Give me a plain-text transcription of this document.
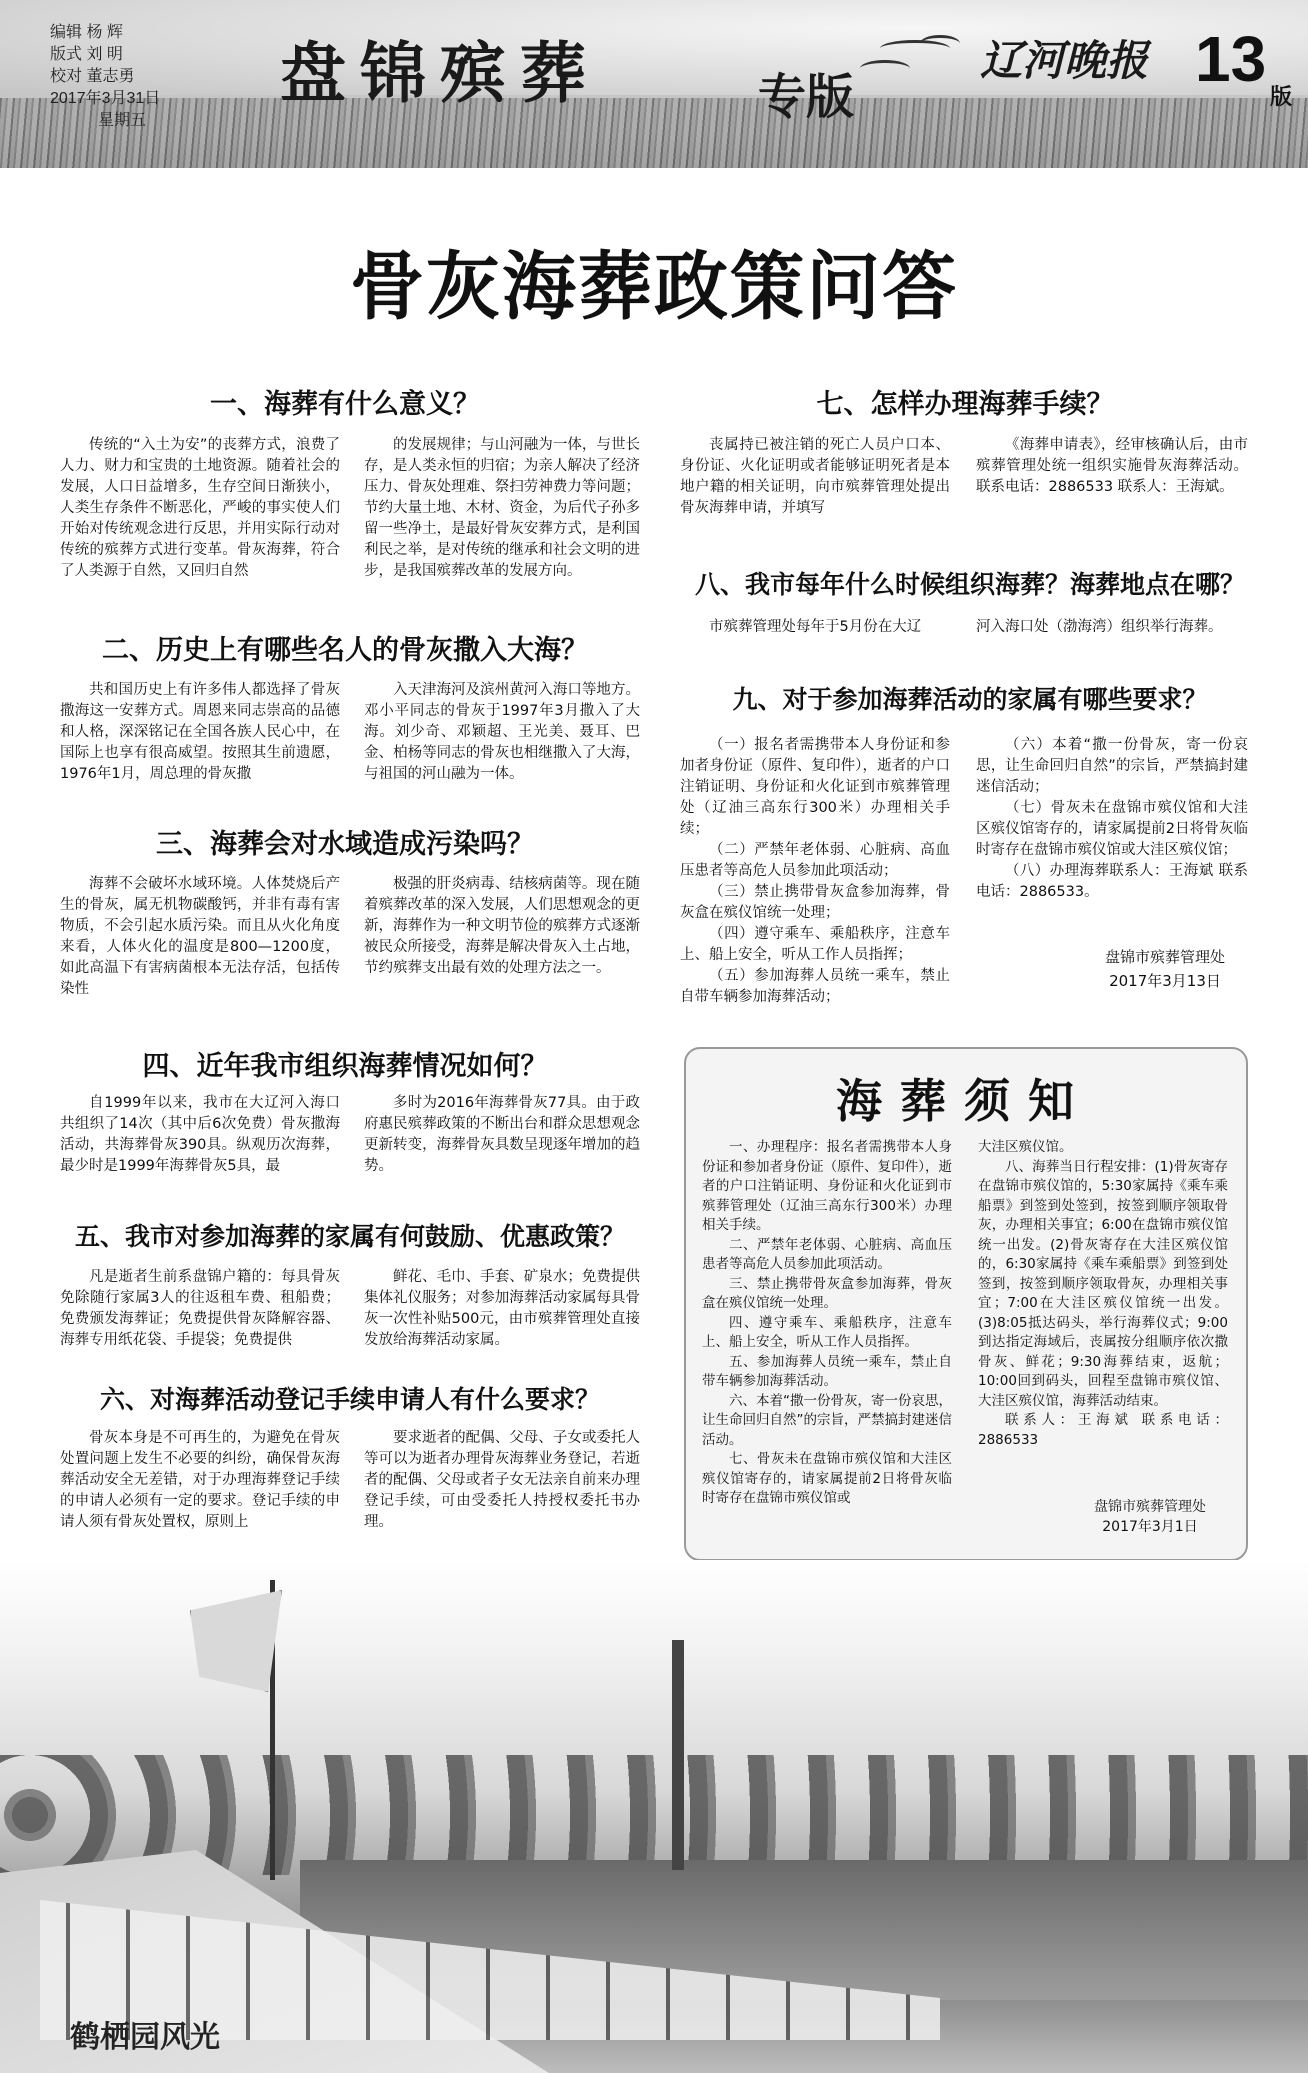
编辑 杨 辉
版式 刘 明
校对 董志勇
2017年3月31日
星期五
盘锦殡葬	专版
辽河晚报 13
版
骨灰海葬政策问答
一、海葬有什么意义？

传统的“入土为安”的丧葬方式，浪费了人力、财力和宝贵的土地资源。随着社会的发展，人口日益增多，生存空间日渐狭小，人类生存条件不断恶化，严峻的事实使人们开始对传统观念进行反思，并用实际行动对传统的殡葬方式进行变革。骨灰海葬，符合了人类源于自然，又回归自然

的发展规律；与山河融为一体，与世长存，是人类永恒的归宿；为亲人解决了经济压力、骨灰处理难、祭扫劳神费力等问题；节约大量土地、木材、资金，为后代子孙多留一些净土，是最好骨灰安葬方式，是利国利民之举，是对传统的继承和社会文明的进步，是我国殡葬改革的发展方向。

二、历史上有哪些名人的骨灰撒入大海？

共和国历史上有许多伟人都选择了骨灰撒海这一安葬方式。周恩来同志崇高的品德和人格，深深铭记在全国各族人民心中，在国际上也享有很高威望。按照其生前遗愿，1976年1月，周总理的骨灰撒

入天津海河及滨州黄河入海口等地方。邓小平同志的骨灰于1997年3月撒入了大海。刘少奇、邓颖超、王光美、聂耳、巴金、柏杨等同志的骨灰也相继撒入了大海，与祖国的河山融为一体。

三、海葬会对水域造成污染吗？

海葬不会破坏水域环境。人体焚烧后产生的骨灰，属无机物碳酸钙，并非有毒有害物质，不会引起水质污染。而且从火化角度来看，人体火化的温度是800—1200度，如此高温下有害病菌根本无法存活，包括传染性

极强的肝炎病毒、结核病菌等。现在随着殡葬改革的深入发展，人们思想观念的更新，海葬作为一种文明节俭的殡葬方式逐渐被民众所接受，海葬是解决骨灰入土占地，节约殡葬支出最有效的处理方法之一。

四、近年我市组织海葬情况如何？

自1999年以来，我市在大辽河入海口共组织了14次（其中后6次免费）骨灰撒海活动，共海葬骨灰390具。纵观历次海葬，最少时是1999年海葬骨灰5具，最

多时为2016年海葬骨灰77具。由于政府惠民殡葬政策的不断出台和群众思想观念更新转变，海葬骨灰具数呈现逐年增加的趋势。

五、我市对参加海葬的家属有何鼓励、优惠政策？

凡是逝者生前系盘锦户籍的：每具骨灰免除随行家属3人的往返租车费、租船费；免费颁发海葬证；免费提供骨灰降解容器、海葬专用纸花袋、手提袋；免费提供

鲜花、毛巾、手套、矿泉水；免费提供集体礼仪服务；对参加海葬活动家属每具骨灰一次性补贴500元，由市殡葬管理处直接发放给海葬活动家属。

六、对海葬活动登记手续申请人有什么要求？

骨灰本身是不可再生的，为避免在骨灰处置问题上发生不必要的纠纷，确保骨灰海葬活动安全无差错，对于办理海葬登记手续的申请人必须有一定的要求。登记手续的申请人须有骨灰处置权，原则上

要求逝者的配偶、父母、子女或委托人等可以为逝者办理骨灰海葬业务登记，若逝者的配偶、父母或者子女无法亲自前来办理登记手续，可由受委托人持授权委托书办理。

七、怎样办理海葬手续？

丧属持已被注销的死亡人员户口本、身份证、火化证明或者能够证明死者是本地户籍的相关证明，向市殡葬管理处提出骨灰海葬申请，并填写

《海葬申请表》，经审核确认后，由市殡葬管理处统一组织实施骨灰海葬活动。联系电话：2886533 联系人：王海斌。

八、我市每年什么时候组织海葬？海葬地点在哪？

市殡葬管理处每年于5月份在大辽	河入海口处（渤海湾）组织举行海葬。

九、对于参加海葬活动的家属有哪些要求？

（一）报名者需携带本人身份证和参加者身份证（原件、复印件），逝者的户口注销证明、身份证和火化证到市殡葬管理处（辽油三高东行300米）办理相关手续；

（二）严禁年老体弱、心脏病、高血压患者等高危人员参加此项活动；

（三）禁止携带骨灰盒参加海葬，骨灰盒在殡仪馆统一处理；

（四）遵守乘车、乘船秩序，注意车上、船上安全，听从工作人员指挥；

（五）参加海葬人员统一乘车，禁止自带车辆参加海葬活动；

（六）本着“撒一份骨灰，寄一份哀思，让生命回归自然”的宗旨，严禁搞封建迷信活动；

（七）骨灰未在盘锦市殡仪馆和大洼区殡仪馆寄存的，请家属提前2日将骨灰临时寄存在盘锦市殡仪馆或大洼区殡仪馆；

（八）办理海葬联系人：王海斌 联系电话：2886533。

盘锦市殡葬管理处
2017年3月13日
海葬须知

一、办理程序：报名者需携带本人身份证和参加者身份证（原件、复印件），逝者的户口注销证明、身份证和火化证到市殡葬管理处（辽油三高东行300米）办理相关手续。

二、严禁年老体弱、心脏病、高血压患者等高危人员参加此项活动。

三、禁止携带骨灰盒参加海葬，骨灰盒在殡仪馆统一处理。

四、遵守乘车、乘船秩序，注意车上、船上安全，听从工作人员指挥。

五、参加海葬人员统一乘车，禁止自带车辆参加海葬活动。

六、本着“撒一份骨灰，寄一份哀思，让生命回归自然”的宗旨，严禁搞封建迷信活动。

七、骨灰未在盘锦市殡仪馆和大洼区殡仪馆寄存的，请家属提前2日将骨灰临时寄存在盘锦市殡仪馆或

大洼区殡仪馆。

八、海葬当日行程安排：(1)骨灰寄存在盘锦市殡仪馆的，5:30家属持《乘车乘船票》到签到处签到，按签到顺序领取骨灰，办理相关事宜；6:00在盘锦市殡仪馆统一出发。(2)骨灰寄存在大洼区殡仪馆的，6:30家属持《乘车乘船票》到签到处签到，按签到顺序领取骨灰，办理相关事宜；7:00在大洼区殡仪馆统一出发。(3)8:05抵达码头，举行海葬仪式；9:00到达指定海域后，丧属按分组顺序依次撒骨灰、鲜花；9:30海葬结束，返航；10:00回到码头，回程至盘锦市殡仪馆、大洼区殡仪馆，海葬活动结束。

联系人：王海斌 联系电话：2886533

盘锦市殡葬管理处
2017年3月1日
鹤栖园风光
